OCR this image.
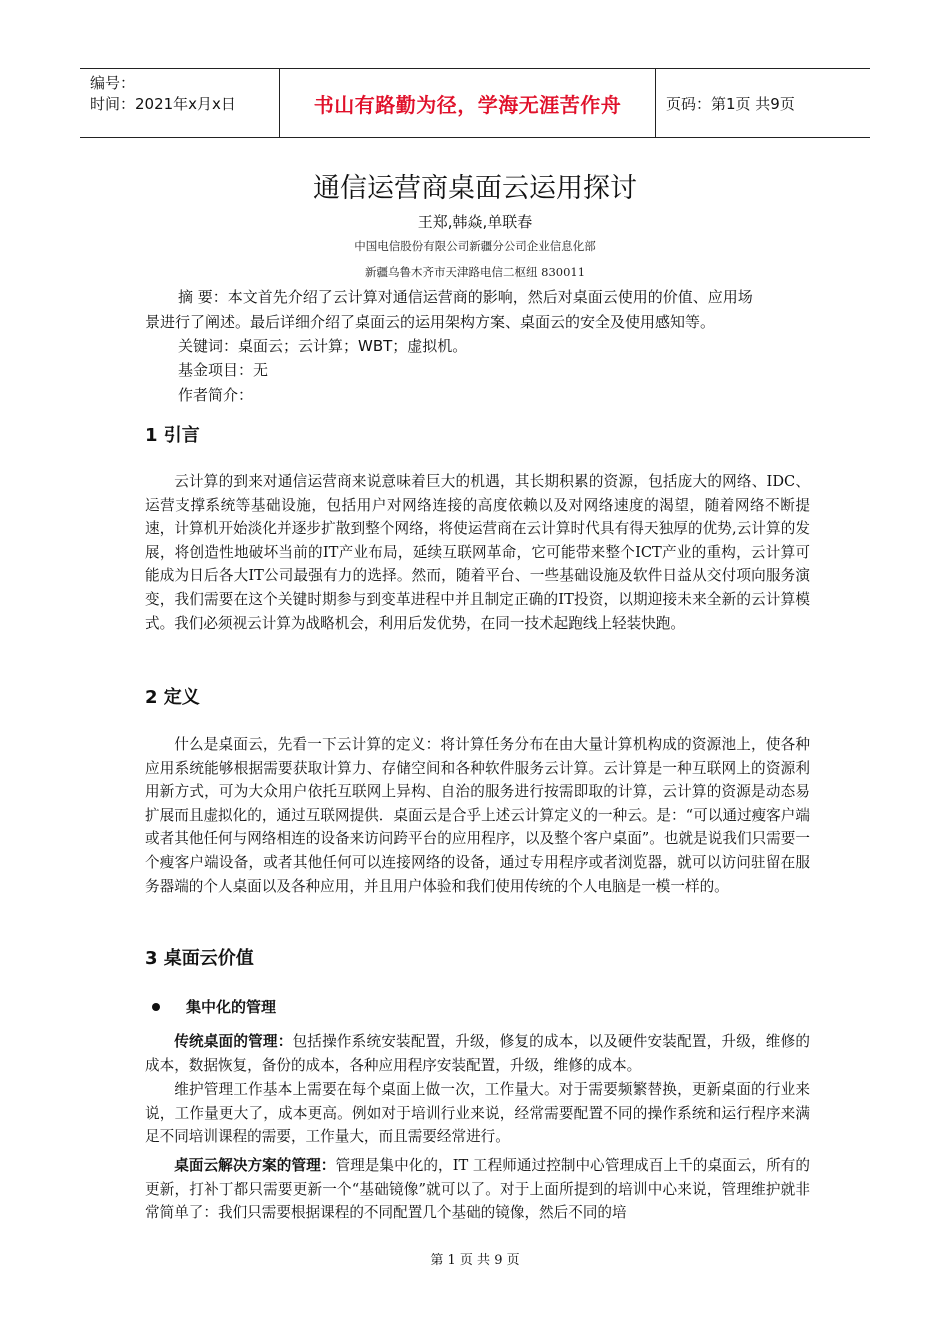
编号：
时间：2021年x月x日	书山有路勤为径，学海无涯苦作舟	页码：第1页 共9页
通信运营商桌面云运用探讨
王郑,韩焱,单联春
中国电信股份有限公司新疆分公司企业信息化部
新疆乌鲁木齐市天津路电信二枢纽 830011
摘 要：本文首先介绍了云计算对通信运营商的影响，然后对桌面云使用的价值、应用场
景进行了阐述。最后详细介绍了桌面云的运用架构方案、桌面云的安全及使用感知等。
关键词：桌面云；云计算；WBT；虚拟机。
基金项目：无
作者简介：
1 引言

云计算的到来对通信运营商来说意味着巨大的机遇，其长期积累的资源，包括庞大的网络、IDC、运营支撑系统等基础设施，包括用户对网络连接的高度依赖以及对网络速度的渴望，随着网络不断提速，计算机开始淡化并逐步扩散到整个网络，将使运营商在云计算时代具有得天独厚的优势,云计算的发展，将创造性地破坏当前的IT产业布局，延续互联网革命，它可能带来整个ICT产业的重构，云计算可能成为日后各大IT公司最强有力的选择。然而，随着平台、一些基础设施及软件日益从交付项向服务演变，我们需要在这个关键时期参与到变革进程中并且制定正确的IT投资，以期迎接未来全新的云计算模式。我们必须视云计算为战略机会，利用后发优势，在同一技术起跑线上轻装快跑。

2 定义

什么是桌面云，先看一下云计算的定义：将计算任务分布在由大量计算机构成的资源池上，使各种应用系统能够根据需要获取计算力、存储空间和各种软件服务云计算。云计算是一种互联网上的资源利用新方式，可为大众用户依托互联网上异构、自治的服务进行按需即取的计算，云计算的资源是动态易扩展而且虚拟化的，通过互联网提供．桌面云是合乎上述云计算定义的一种云。是：“可以通过瘦客户端或者其他任何与网络相连的设备来访问跨平台的应用程序，以及整个客户桌面”。也就是说我们只需要一个瘦客户端设备，或者其他任何可以连接网络的设备，通过专用程序或者浏览器，就可以访问驻留在服务器端的个人桌面以及各种应用，并且用户体验和我们使用传统的个人电脑是一模一样的。

3 桌面云价值
集中化的管理

传统桌面的管理：包括操作系统安装配置，升级，修复的成本，以及硬件安装配置，升级，维修的成本，数据恢复，备份的成本，各种应用程序安装配置，升级，维修的成本。

维护管理工作基本上需要在每个桌面上做一次，工作量大。对于需要频繁替换，更新桌面的行业来说，工作量更大了，成本更高。例如对于培训行业来说，经常需要配置不同的操作系统和运行程序来满足不同培训课程的需要，工作量大，而且需要经常进行。

桌面云解决方案的管理：管理是集中化的，IT 工程师通过控制中心管理成百上千的桌面云，所有的更新，打补丁都只需要更新一个“基础镜像”就可以了。对于上面所提到的培训中心来说，管理维护就非常简单了：我们只需要根据课程的不同配置几个基础的镜像，然后不同的培

第 1 页 共 9 页
